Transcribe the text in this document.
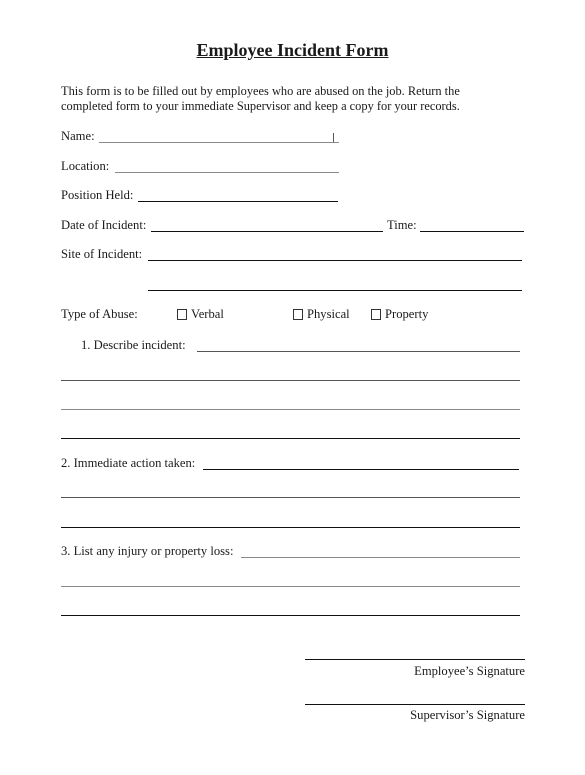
Employee Incident Form
This form is to be filled out by employees who are abused on the job. Return the
completed form to your immediate Supervisor and keep a copy for your records.
Name:
Location:
Position Held:
Date of Incident:	Time:
Site of Incident:
Type of Abuse:	Verbal	Physical	Property
1. Describe incident:
2. Immediate action taken:
3. List any injury or property loss:
Employee’s Signature
Supervisor’s Signature
